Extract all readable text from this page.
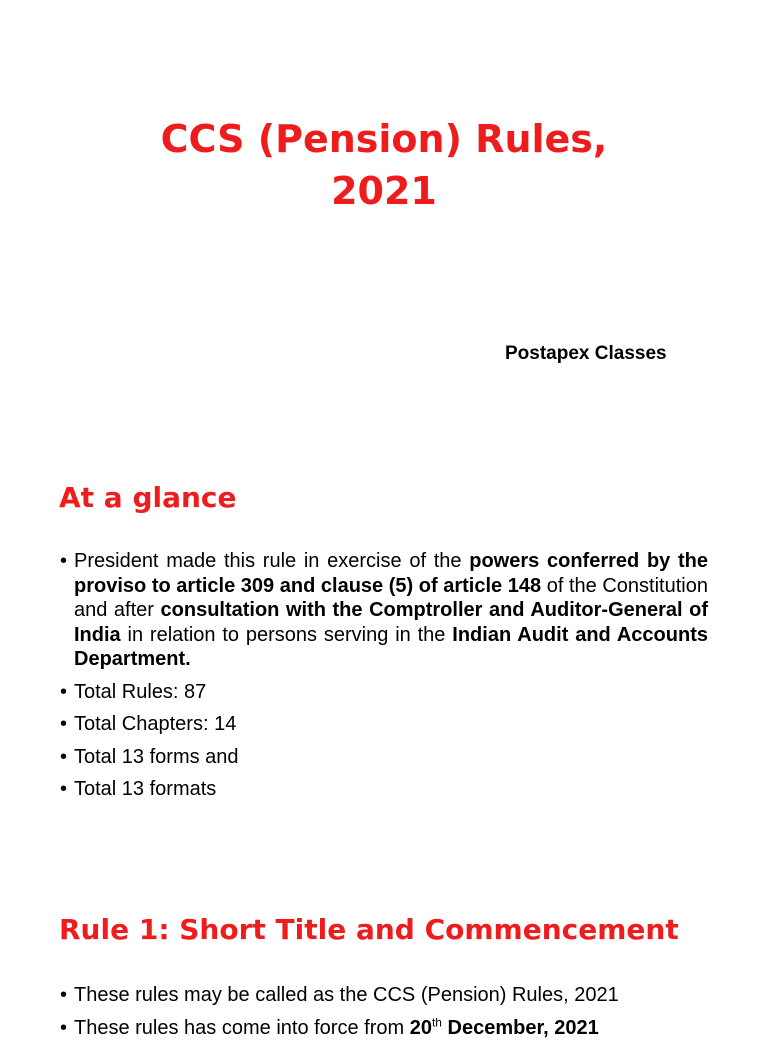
CCS (Pension) Rules,
2021
Postapex Classes
At a glance
• President made this rule in exercise of the powers conferred by the proviso to article 309 and clause (5) of article 148 of the Constitution and after consultation with the Comptroller and Auditor-General of India in relation to persons serving in the Indian Audit and Accounts Department.
• Total Rules: 87
• Total Chapters: 14
• Total 13 forms and
• Total 13 formats
Rule 1: Short Title and Commencement
• These rules may be called as the CCS (Pension) Rules, 2021
• These rules has come into force from 20th December, 2021
